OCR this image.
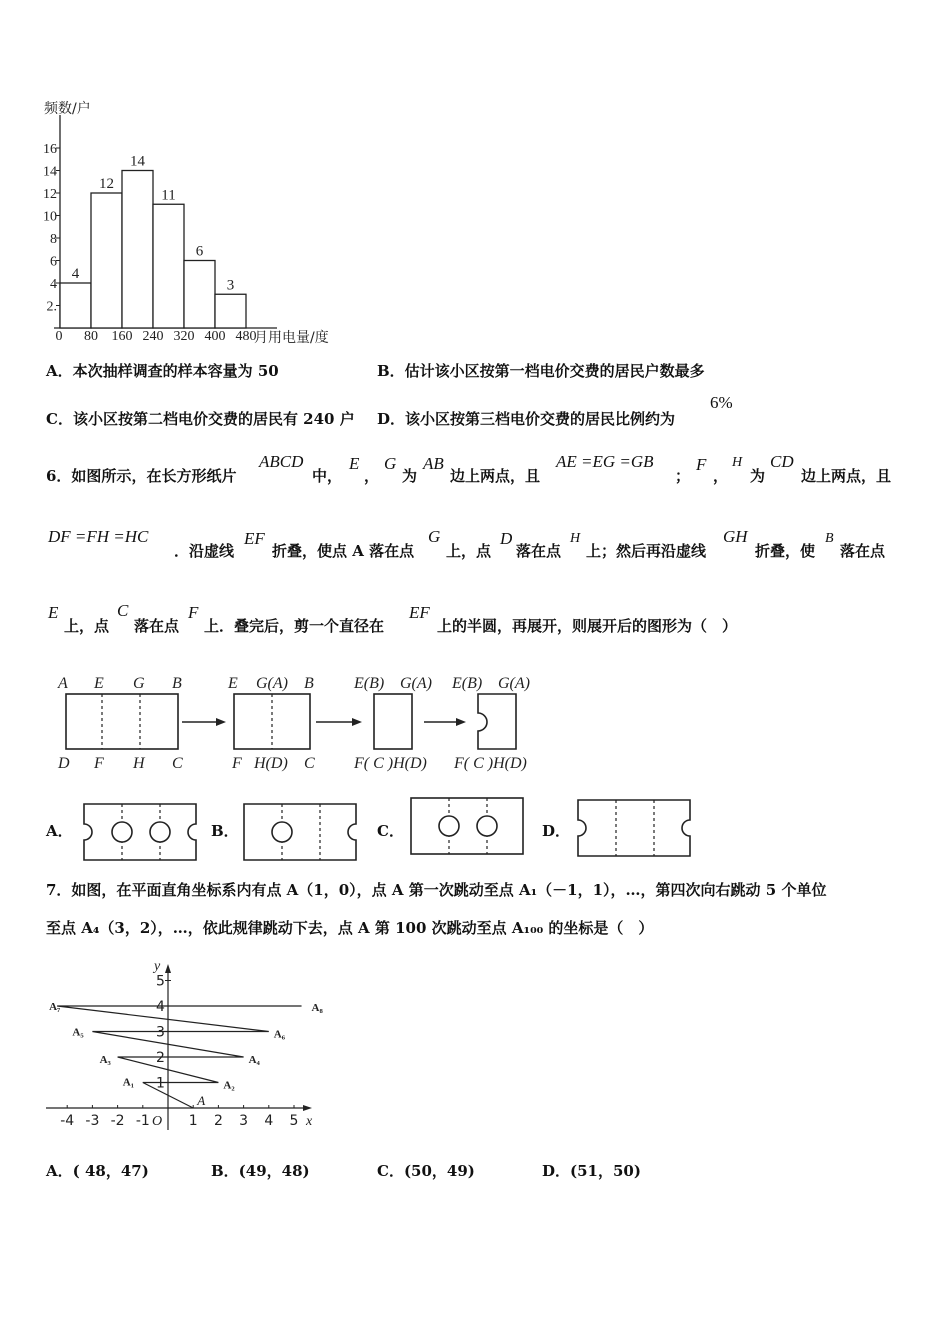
2.
4
6
8
10
12
14
16
4
12
14
11
6
3
0 80 160 240 320 400 480
频数/户
月用电量/度
A．本次抽样调查的样本容量为 50	B．估计该小区按第一档电价交费的居民户数最多
C．该小区按第二档电价交费的居民有 240 户 D．该小区按第三档电价交费的居民比例约为
6%
6．如图所示，在长方形纸片
ABCD
中，
E
，
G
为
AB
边上两点，且
AE =EG =GB
；
F
，
H
为
CD
边上两点，且
DF =FH =HC
．沿虚线
EF
折叠，使点 A 落在点
G
上，点
D
落在点
H
上；然后再沿虚线
GH
折叠，使
B
落在点
E
上，点
C
落在点
F
上．叠完后，剪一个直径在
EF
上的半圆，再展开，则展开后的图形为（　）
A E G B	E G(A) B	E(B) G(A) E(B) G(A)
D F H C	F H(D) C F( C )H(D) F( C )H(D)
A．	B．	C．	D．
7．如图，在平面直角坐标系内有点 A（1，0），点 A 第一次跳动至点 A₁（－1，1），…，第四次向右跳动 5 个单位
至点 A₄（3，2），…，依此规律跳动下去，点 A 第 100 次跳动至点 A₁₀₀ 的坐标是（　）
y
x
O
1
2
3
4
5
-4 -3 -2 -1	1 2 3 4 5
A
A₁	A₂
A₃	A₄
A₅	A₆
A₇	A₈
A．( 48，47)	B．(49，48)	C．(50，49)	D．(51，50)
